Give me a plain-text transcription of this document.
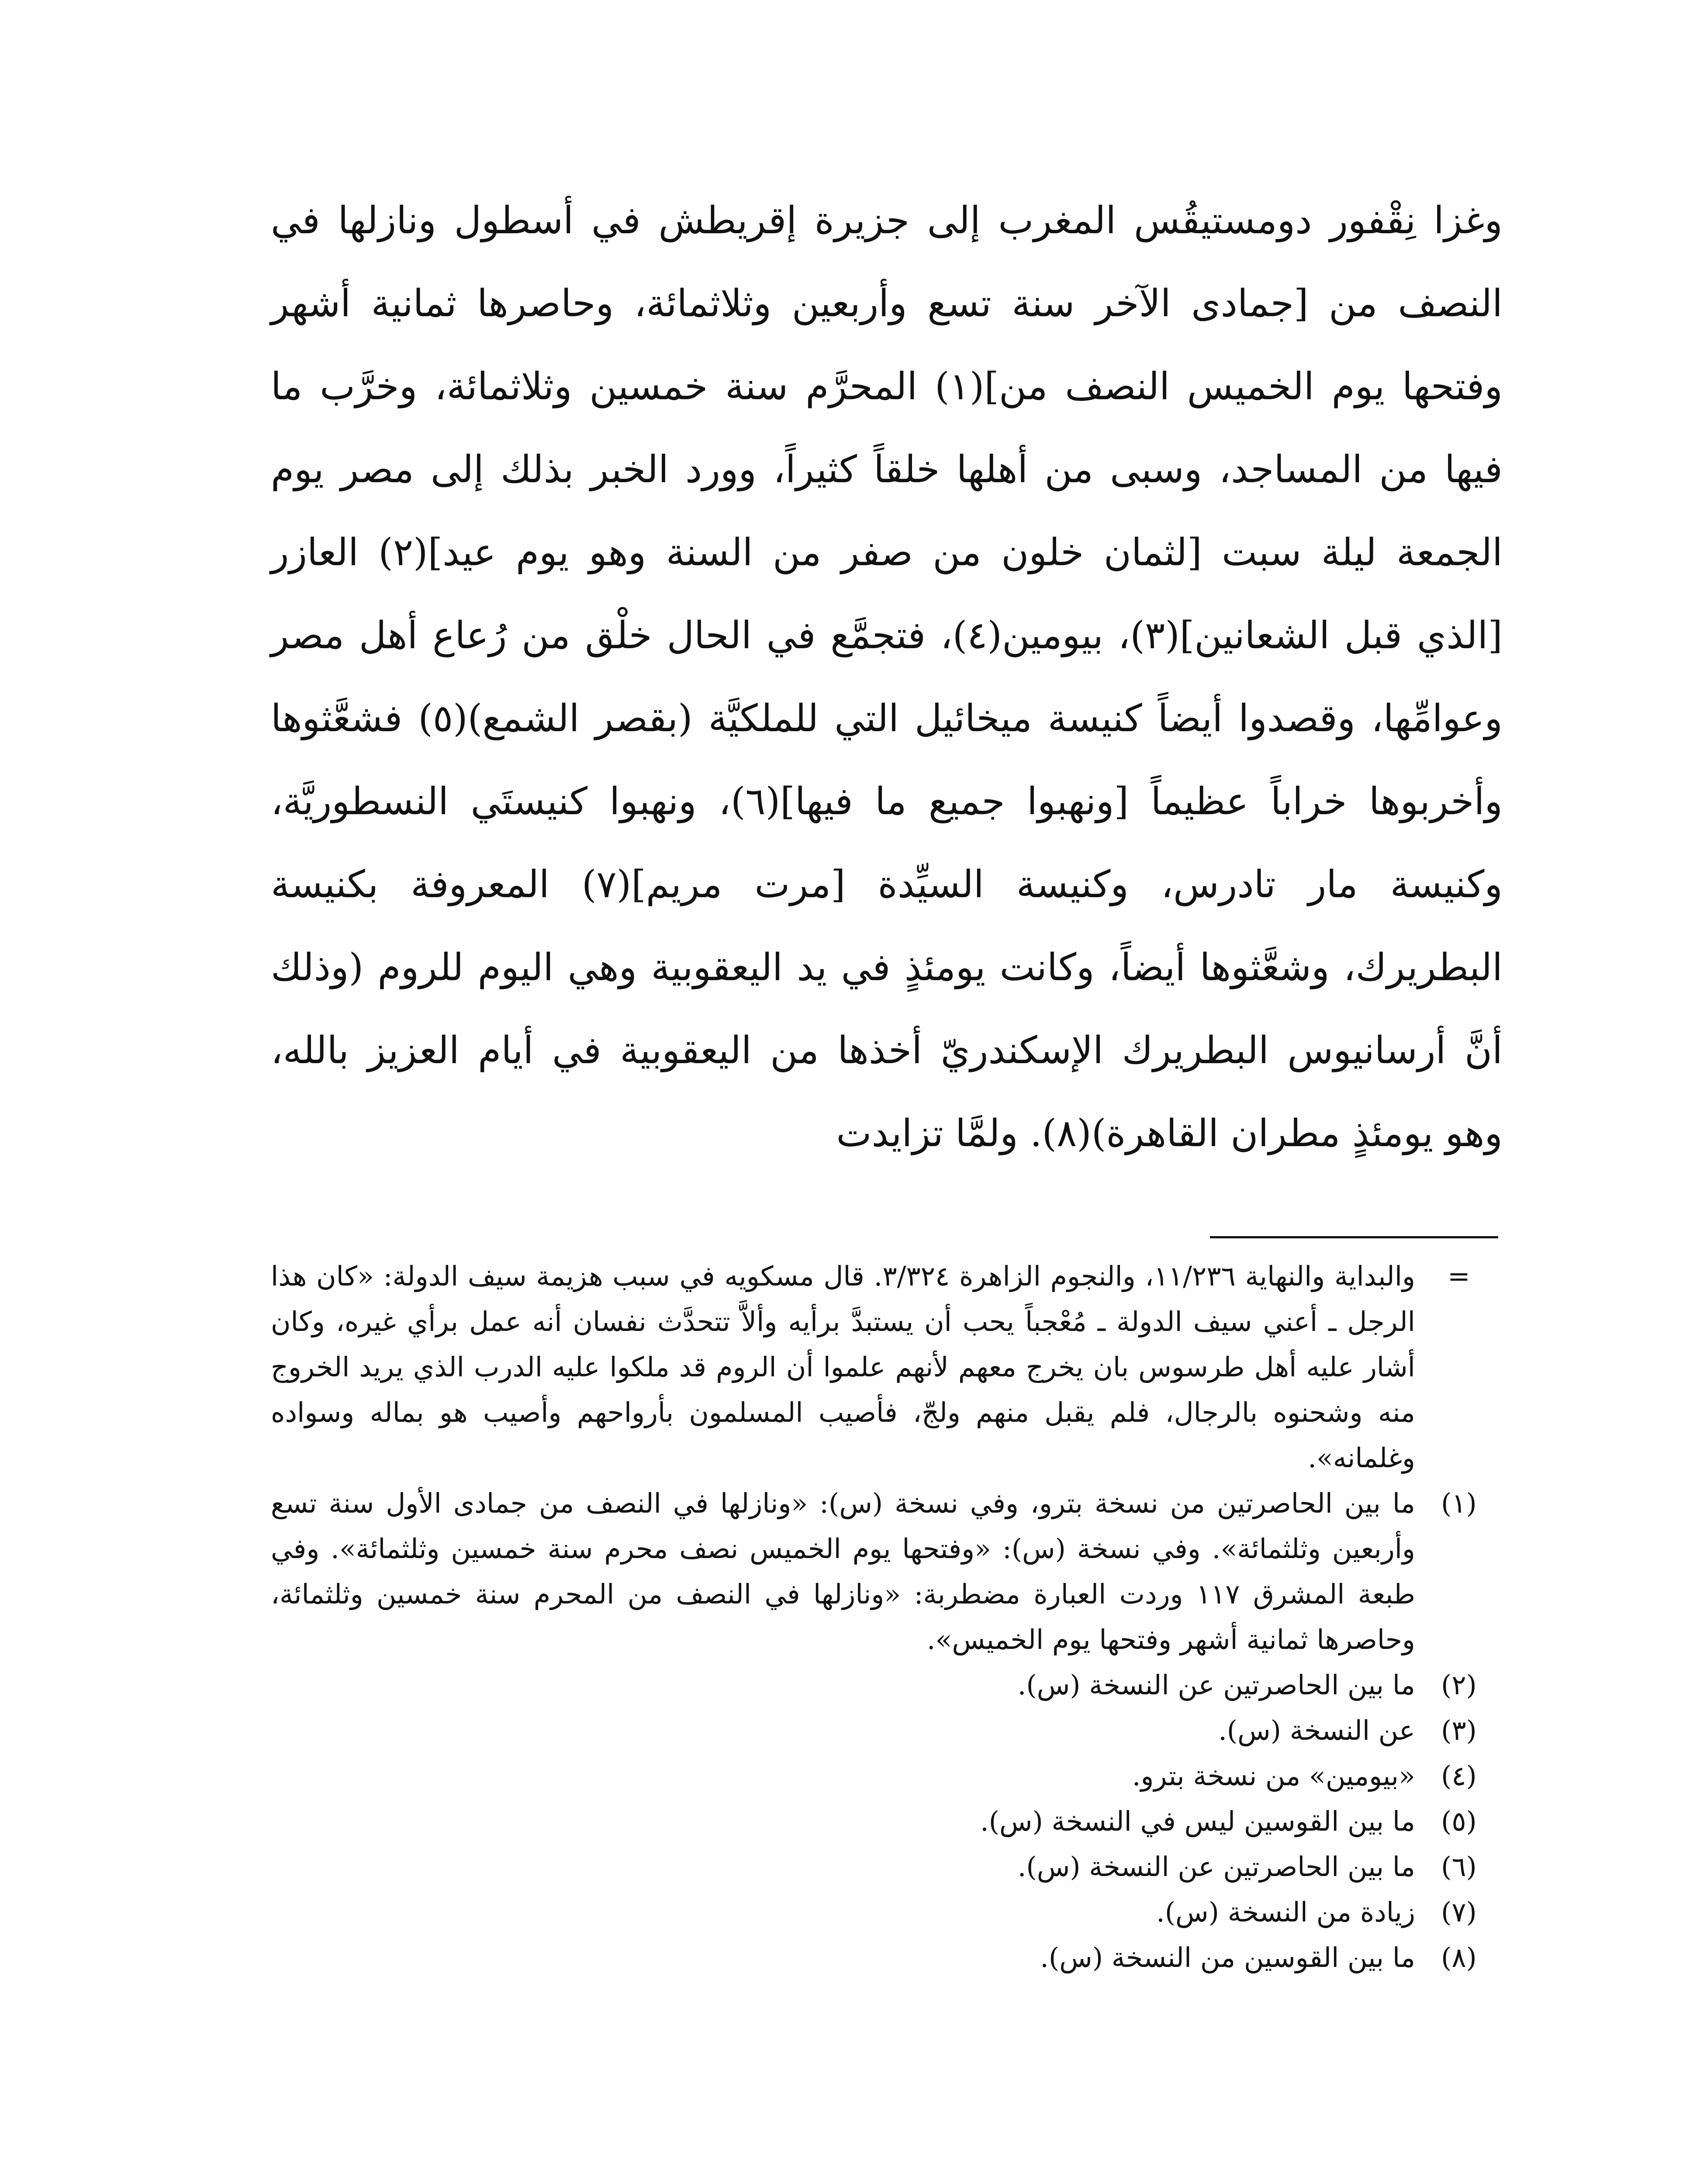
وغزا نِقْفور دومستيقُس المغرب إلى جزيرة إقريطش في أسطول ونازلها في النصف من [جمادى الآخر سنة تسع وأربعين وثلاثمائة، وحاصرها ثمانية أشهر وفتحها يوم الخميس النصف من](١) المحرَّم سنة خمسين وثلاثمائة، وخرَّب ما فيها من المساجد، وسبى من أهلها خلقاً كثيراً، وورد الخبر بذلك إلى مصر يوم الجمعة ليلة سبت [لثمان خلون من صفر من السنة وهو يوم عيد](٢) العازر [الذي قبل الشعانين](٣)، بيومين(٤)، فتجمَّع في الحال خلْق من رُعاع أهل مصر وعوامِّها، وقصدوا أيضاً كنيسة ميخائيل التي للملكيَّة (بقصر الشمع)(٥) فشعَّثوها وأخربوها خراباً عظيماً [ونهبوا جميع ما فيها](٦)، ونهبوا كنيستَي النسطوريَّة، وكنيسة مار تادرس، وكنيسة السيِّدة [مرت مريم](٧) المعروفة بكنيسة البطريرك، وشعَّثوها أيضاً، وكانت يومئذٍ في يد اليعقوبية وهي اليوم للروم (وذلك أنَّ أرسانيوس البطريرك الإسكندريّ أخذها من اليعقوبية في أيام العزيز بالله، وهو يومئذٍ مطران القاهرة)(٨). ولمَّا تزايدت

=
والبداية والنهاية ١١/٢٣٦، والنجوم الزاهرة ٣/٣٢٤. قال مسكويه في سبب هزيمة سيف الدولة: «كان هذا الرجل ـ أعني سيف الدولة ـ مُعْجباً يحب أن يستبدَّ برأيه وألاَّ تتحدَّث نفسان أنه عمل برأي غيره، وكان أشار عليه أهل طرسوس بان يخرج معهم لأنهم علموا أن الروم قد ملكوا عليه الدرب الذي يريد الخروج منه وشحنوه بالرجال، فلم يقبل منهم ولجّ، فأصيب المسلمون بأرواحهم وأصيب هو بماله وسواده وغلمانه».
(١)
ما بين الحاصرتين من نسخة بترو، وفي نسخة (س): «ونازلها في النصف من جمادى الأول سنة تسع وأربعين وثلثمائة». وفي نسخة (س): «وفتحها يوم الخميس نصف محرم سنة خمسين وثلثمائة». وفي طبعة المشرق ١١٧ وردت العبارة مضطربة: «ونازلها في النصف من المحرم سنة خمسين وثلثمائة، وحاصرها ثمانية أشهر وفتحها يوم الخميس».
(٢)
ما بين الحاصرتين عن النسخة (س).
(٣)
عن النسخة (س).
(٤)
«بيومين» من نسخة بترو.
(٥)
ما بين القوسين ليس في النسخة (س).
(٦)
ما بين الحاصرتين عن النسخة (س).
(٧)
زيادة من النسخة (س).
(٨)
ما بين القوسين من النسخة (س).
